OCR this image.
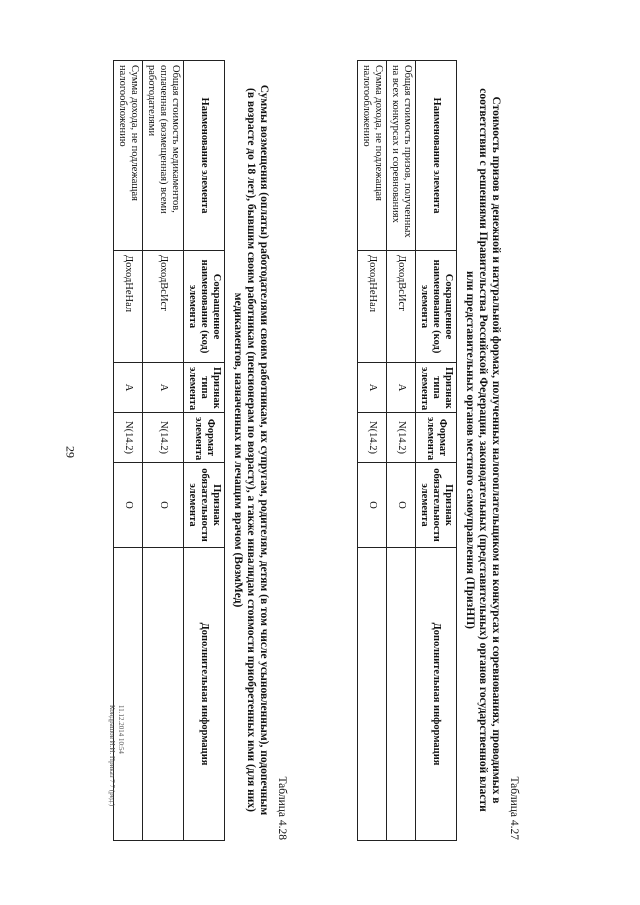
29
Таблица 4.27
Стоимость призов в денежной и натуральной формах, полученных налогоплательщиком на конкурсах и соревнованиях, проводимых в соответствии с решениями Правительства Российской Федерации, законодательных (представительных) органов государственной власти или представительных органов местного самоуправления (ПризНП)
Наименование элемента	Сокращенное наименование (код) элемента	Признак типа элемента	Формат элемента	Признак обязательности элемента	Дополнительная информация
Общая стоимость призов, полученных на всех конкурсах и соревнованиях	ДоходВсИст	А	N(14.2)	О	
Сумма дохода, не подлежащая налогообложению	ДоходНеНал	А	N(14.2)	О	
Таблица 4.28
Суммы возмещения (оплаты) работодателями своим работникам, их супругам, родителям, детям (в том числе усыновленным), подопечным (в возрасте до 18 лет), бывшим своим работникам (пенсионерам по возрасту), а также инвалидам стоимости приобретенных ими (для них) медикаментов, назначенных им лечащим врачом (ВозмМед)
Наименование элемента	Сокращенное наименование (код) элемента	Признак типа элемента	Формат элемента	Признак обязательности элемента	Дополнительная информация
Общая стоимость медикаментов, оплаченная (возмещенная) всеми работодателями	ДоходВсИст	А	N(14.2)	О	
Сумма дохода, не подлежащая налогообложению	ДоходНеНал	А	N(14.2)	О	
11.12.2014 10:54
Кондрашов И.И. Приказ 7 7 (ред.)
